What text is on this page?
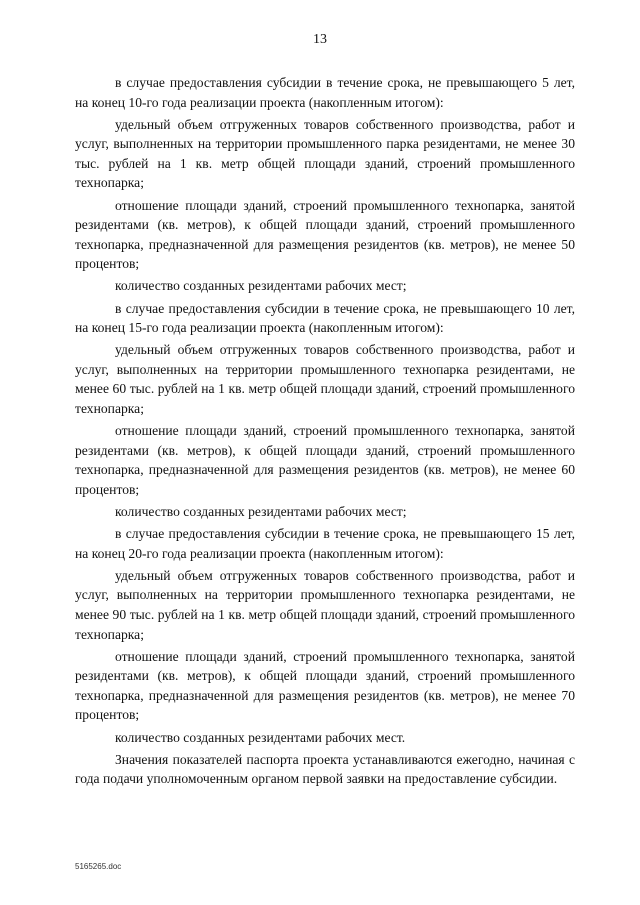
13

в случае предоставления субсидии в течение срока, не превышающего 5 лет, на конец 10-го года реализации проекта (накопленным итогом):

удельный объем отгруженных товаров собственного производства, работ и услуг, выполненных на территории промышленного парка резидентами, не менее 30 тыс. рублей на 1 кв. метр общей площади зданий, строений промышленного технопарка;

отношение площади зданий, строений промышленного технопарка, занятой резидентами (кв. метров), к общей площади зданий, строений промышленного технопарка, предназначенной для размещения резидентов (кв. метров), не менее 50 процентов;

количество созданных резидентами рабочих мест;

в случае предоставления субсидии в течение срока, не превышающего 10 лет, на конец 15-го года реализации проекта (накопленным итогом):

удельный объем отгруженных товаров собственного производства, работ и услуг, выполненных на территории промышленного технопарка резидентами, не менее 60 тыс. рублей на 1 кв. метр общей площади зданий, строений промышленного технопарка;

отношение площади зданий, строений промышленного технопарка, занятой резидентами (кв. метров), к общей площади зданий, строений промышленного технопарка, предназначенной для размещения резидентов (кв. метров), не менее 60 процентов;

количество созданных резидентами рабочих мест;

в случае предоставления субсидии в течение срока, не превышающего 15 лет, на конец 20-го года реализации проекта (накопленным итогом):

удельный объем отгруженных товаров собственного производства, работ и услуг, выполненных на территории промышленного технопарка резидентами, не менее 90 тыс. рублей на 1 кв. метр общей площади зданий, строений промышленного технопарка;

отношение площади зданий, строений промышленного технопарка, занятой резидентами (кв. метров), к общей площади зданий, строений промышленного технопарка, предназначенной для размещения резидентов (кв. метров), не менее 70 процентов;

количество созданных резидентами рабочих мест.

Значения показателей паспорта проекта устанавливаются ежегодно, начиная с года подачи уполномоченным органом первой заявки на предоставление субсидии.

5165265.doc
